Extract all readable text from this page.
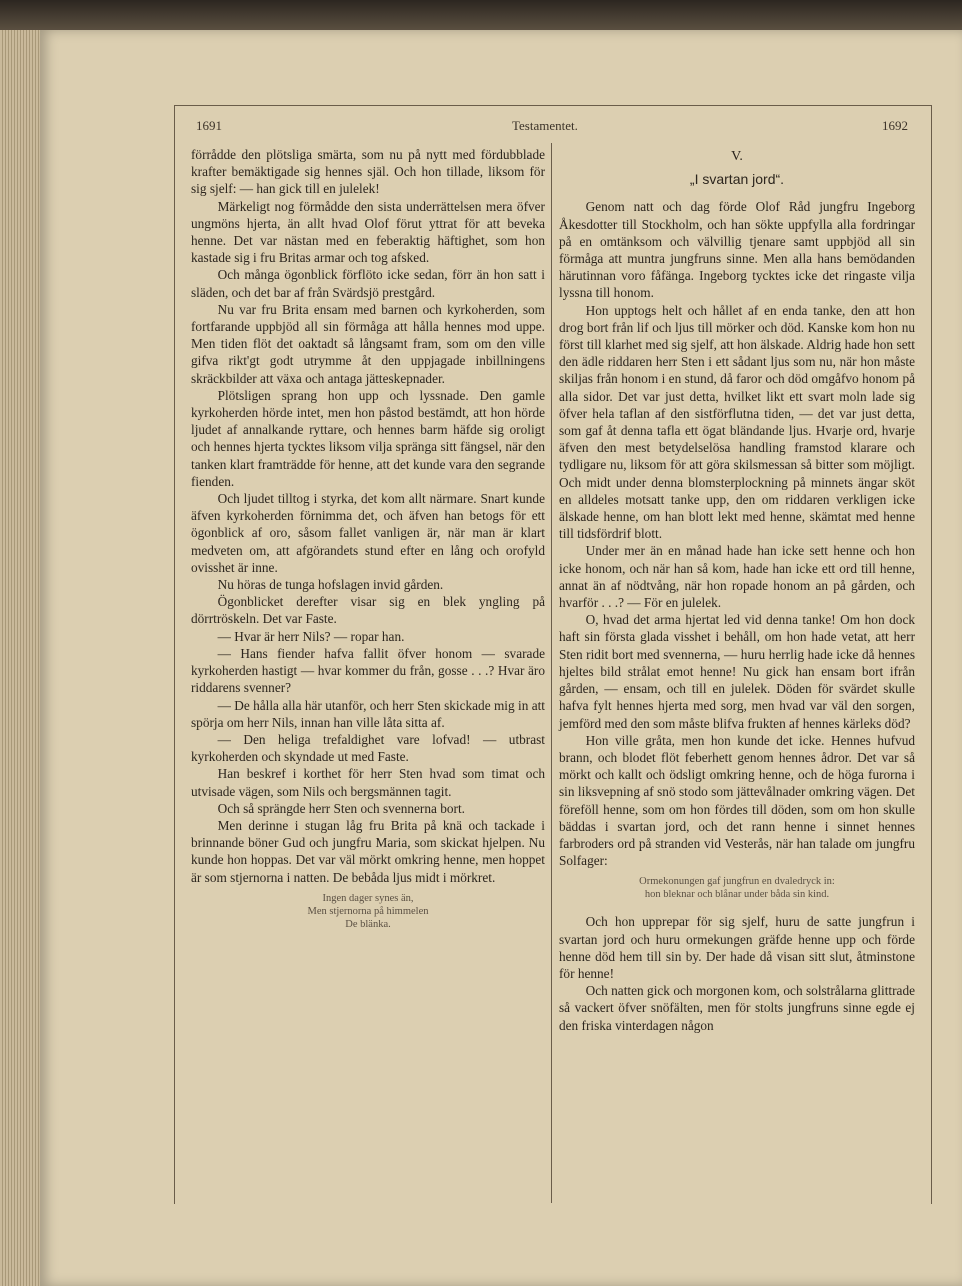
1691	Testamentet.	1692

förrådde den plötsliga smärta, som nu på nytt med fördubblade krafter bemäktigade sig hennes själ. Och hon tillade, liksom för sig sjelf: — han gick till en julelek!

Märkeligt nog förmådde den sista underrättelsen mera öfver ungmöns hjerta, än allt hvad Olof förut yttrat för att beveka henne. Det var nästan med en feberaktig häftighet, som hon kastade sig i fru Britas armar och tog afsked.

Och många ögonblick förflöto icke sedan, förr än hon satt i släden, och det bar af från Svärdsjö prestgård.

Nu var fru Brita ensam med barnen och kyrkoherden, som fortfarande uppbjöd all sin förmåga att hålla hennes mod uppe. Men tiden flöt det oaktadt så långsamt fram, som om den ville gifva rikt'gt godt utrymme åt den uppjagade inbillningens skräckbilder att växa och antaga jätteskepnader.

Plötsligen sprang hon upp och lyssnade. Den gamle kyrkoherden hörde intet, men hon påstod bestämdt, att hon hörde ljudet af annalkande ryttare, och hennes barm häfde sig oroligt och hennes hjerta tycktes liksom vilja spränga sitt fängsel, när den tanken klart framträdde för henne, att det kunde vara den segrande fienden.

Och ljudet tilltog i styrka, det kom allt närmare. Snart kunde äfven kyrkoherden förnimma det, och äfven han betogs för ett ögonblick af oro, såsom fallet vanligen är, när man är klart medveten om, att afgörandets stund efter en lång och orofyld ovisshet är inne.

Nu höras de tunga hofslagen invid gården.

Ögonblicket derefter visar sig en blek yngling på dörrtröskeln. Det var Faste.

— Hvar är herr Nils? — ropar han.

— Hans fiender hafva fallit öfver honom — svarade kyrkoherden hastigt — hvar kommer du från, gosse . . .? Hvar äro riddarens svenner?

— De hålla alla här utanför, och herr Sten skickade mig in att spörja om herr Nils, innan han ville låta sitta af.

— Den heliga trefaldighet vare lofvad! — utbrast kyrkoherden och skyndade ut med Faste.

Han beskref i korthet för herr Sten hvad som timat och utvisade vägen, som Nils och bergsmännen tagit.

Och så sprängde herr Sten och svennerna bort.

Men derinne i stugan låg fru Brita på knä och tackade i brinnande böner Gud och jungfru Maria, som skickat hjelpen. Nu kunde hon hoppas. Det var väl mörkt omkring henne, men hoppet är som stjernorna i natten. De bebåda ljus midt i mörkret.

Ingen dager synes än,
Men stjernorna på himmelen
De blänka.
V.
„I svartan jord“.

Genom natt och dag förde Olof Råd jungfru Ingeborg Åkesdotter till Stockholm, och han sökte uppfylla alla fordringar på en omtänksom och välvillig tjenare samt uppbjöd all sin förmåga att muntra jungfruns sinne. Men alla hans bemödanden härutinnan voro fåfänga. Ingeborg tycktes icke det ringaste vilja lyssna till honom.

Hon upptogs helt och hållet af en enda tanke, den att hon drog bort från lif och ljus till mörker och död. Kanske kom hon nu först till klarhet med sig sjelf, att hon älskade. Aldrig hade hon sett den ädle riddaren herr Sten i ett sådant ljus som nu, när hon måste skiljas från honom i en stund, då faror och död omgåfvo honom på alla sidor. Det var just detta, hvilket likt ett svart moln lade sig öfver hela taflan af den sistförflutna tiden, — det var just detta, som gaf åt denna tafla ett ögat bländande ljus. Hvarje ord, hvarje äfven den mest betydelselösa handling framstod klarare och tydligare nu, liksom för att göra skilsmessan så bitter som möjligt. Och midt under denna blomsterplockning på minnets ängar sköt en alldeles motsatt tanke upp, den om riddaren verkligen icke älskade henne, om han blott lekt med henne, skämtat med henne till tidsfördrif blott.

Under mer än en månad hade han icke sett henne och hon icke honom, och när han så kom, hade han icke ett ord till henne, annat än af nödtvång, när hon ropade honom an på gården, och hvarför . . .? — För en julelek.

O, hvad det arma hjertat led vid denna tanke! Om hon dock haft sin första glada visshet i behåll, om hon hade vetat, att herr Sten ridit bort med svennerna, — huru herrlig hade icke då hennes hjeltes bild strålat emot henne! Nu gick han ensam bort ifrån gården, — ensam, och till en julelek. Döden för svärdet skulle hafva fylt hennes hjerta med sorg, men hvad var väl den sorgen, jemförd med den som måste blifva frukten af hennes kärleks död?

Hon ville gråta, men hon kunde det icke. Hennes hufvud brann, och blodet flöt feberhett genom hennes ådror. Det var så mörkt och kallt och ödsligt omkring henne, och de höga furorna i sin liksvepning af snö stodo som jättevålnader omkring vägen. Det föreföll henne, som om hon fördes till döden, som om hon skulle bäddas i svartan jord, och det rann henne i sinnet hennes farbroders ord på stranden vid Vesterås, när han talade om jungfru Solfager:

Ormekonungen gaf jungfrun en dvaledryck in:
hon bleknar och blånar under båda sin kind.

Och hon upprepar för sig sjelf, huru de satte jungfrun i svartan jord och huru ormekungen gräfde henne upp och förde henne död hem till sin by. Der hade då visan sitt slut, åtminstone för henne!

Och natten gick och morgonen kom, och solstrålarna glittrade så vackert öfver snöfälten, men för stolts jungfruns sinne egde ej den friska vinterdagen någon
